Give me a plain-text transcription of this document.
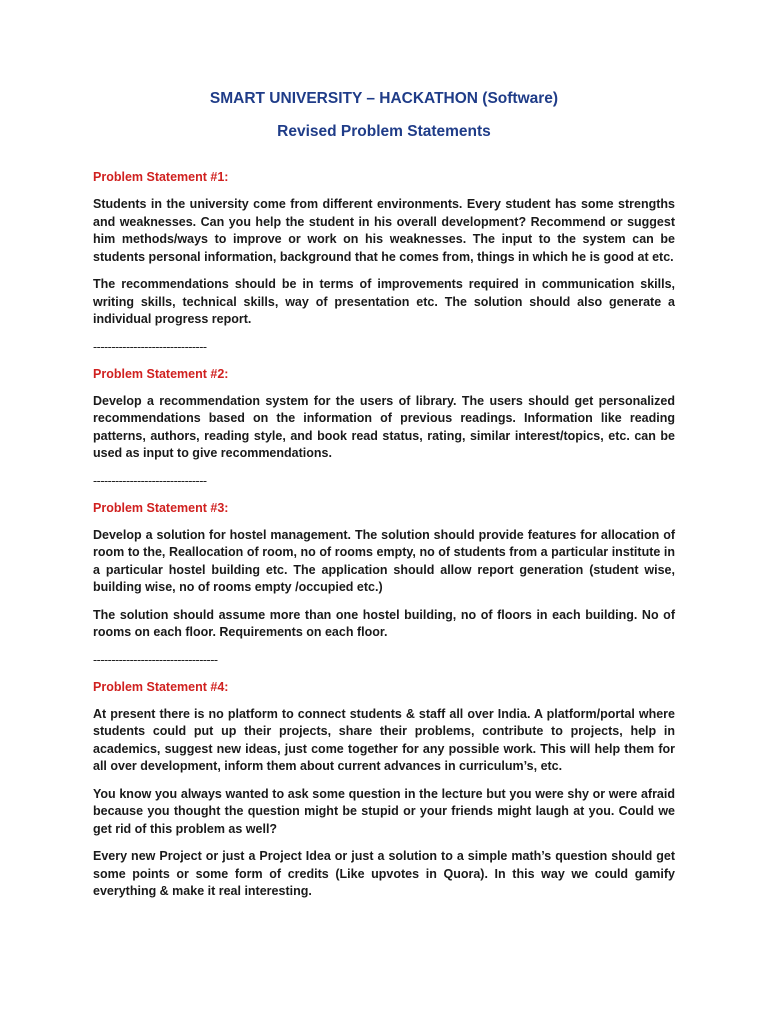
SMART UNIVERSITY – HACKATHON (Software)
Revised Problem Statements
Problem Statement #1:

Students in the university come from different environments. Every student has some strengths and weaknesses. Can you help the student in his overall development? Recommend or suggest him methods/ways to improve or work on his weaknesses. The input to the system can be students personal information, background that he comes from, things in which he is good at etc.

The recommendations should be in terms of improvements required in communication skills, writing skills, technical skills, way of presentation etc. The solution should also generate a individual progress report.

-------------------------------
Problem Statement #2:

Develop a recommendation system for the users of library. The users should get personalized recommendations based on the information of previous readings. Information like reading patterns, authors, reading style, and book read status, rating, similar interest/topics, etc. can be used as input to give recommendations.

-------------------------------
Problem Statement #3:

Develop a solution for hostel management. The solution should provide features for allocation of room to the, Reallocation of room, no of rooms empty, no of students from a particular institute in a particular hostel building etc. The application should allow report generation (student wise, building wise, no of rooms empty /occupied etc.)

The solution should assume more than one hostel building, no of floors in each building. No of rooms on each floor. Requirements on each floor.

----------------------------------
Problem Statement #4:

At present there is no platform to connect students & staff all over India. A platform/portal where students could put up their projects, share their problems, contribute to projects, help in academics, suggest new ideas, just come together for any possible work. This will help them for all over development, inform them about current advances in curriculum’s, etc.

You know you always wanted to ask some question in the lecture but you were shy or were afraid because you thought the question might be stupid or your friends might laugh at you. Could we get rid of this problem as well?

Every new Project or just a Project Idea or just a solution to a simple math’s question should get some points or some form of credits (Like upvotes in Quora). In this way we could gamify everything & make it real interesting.
